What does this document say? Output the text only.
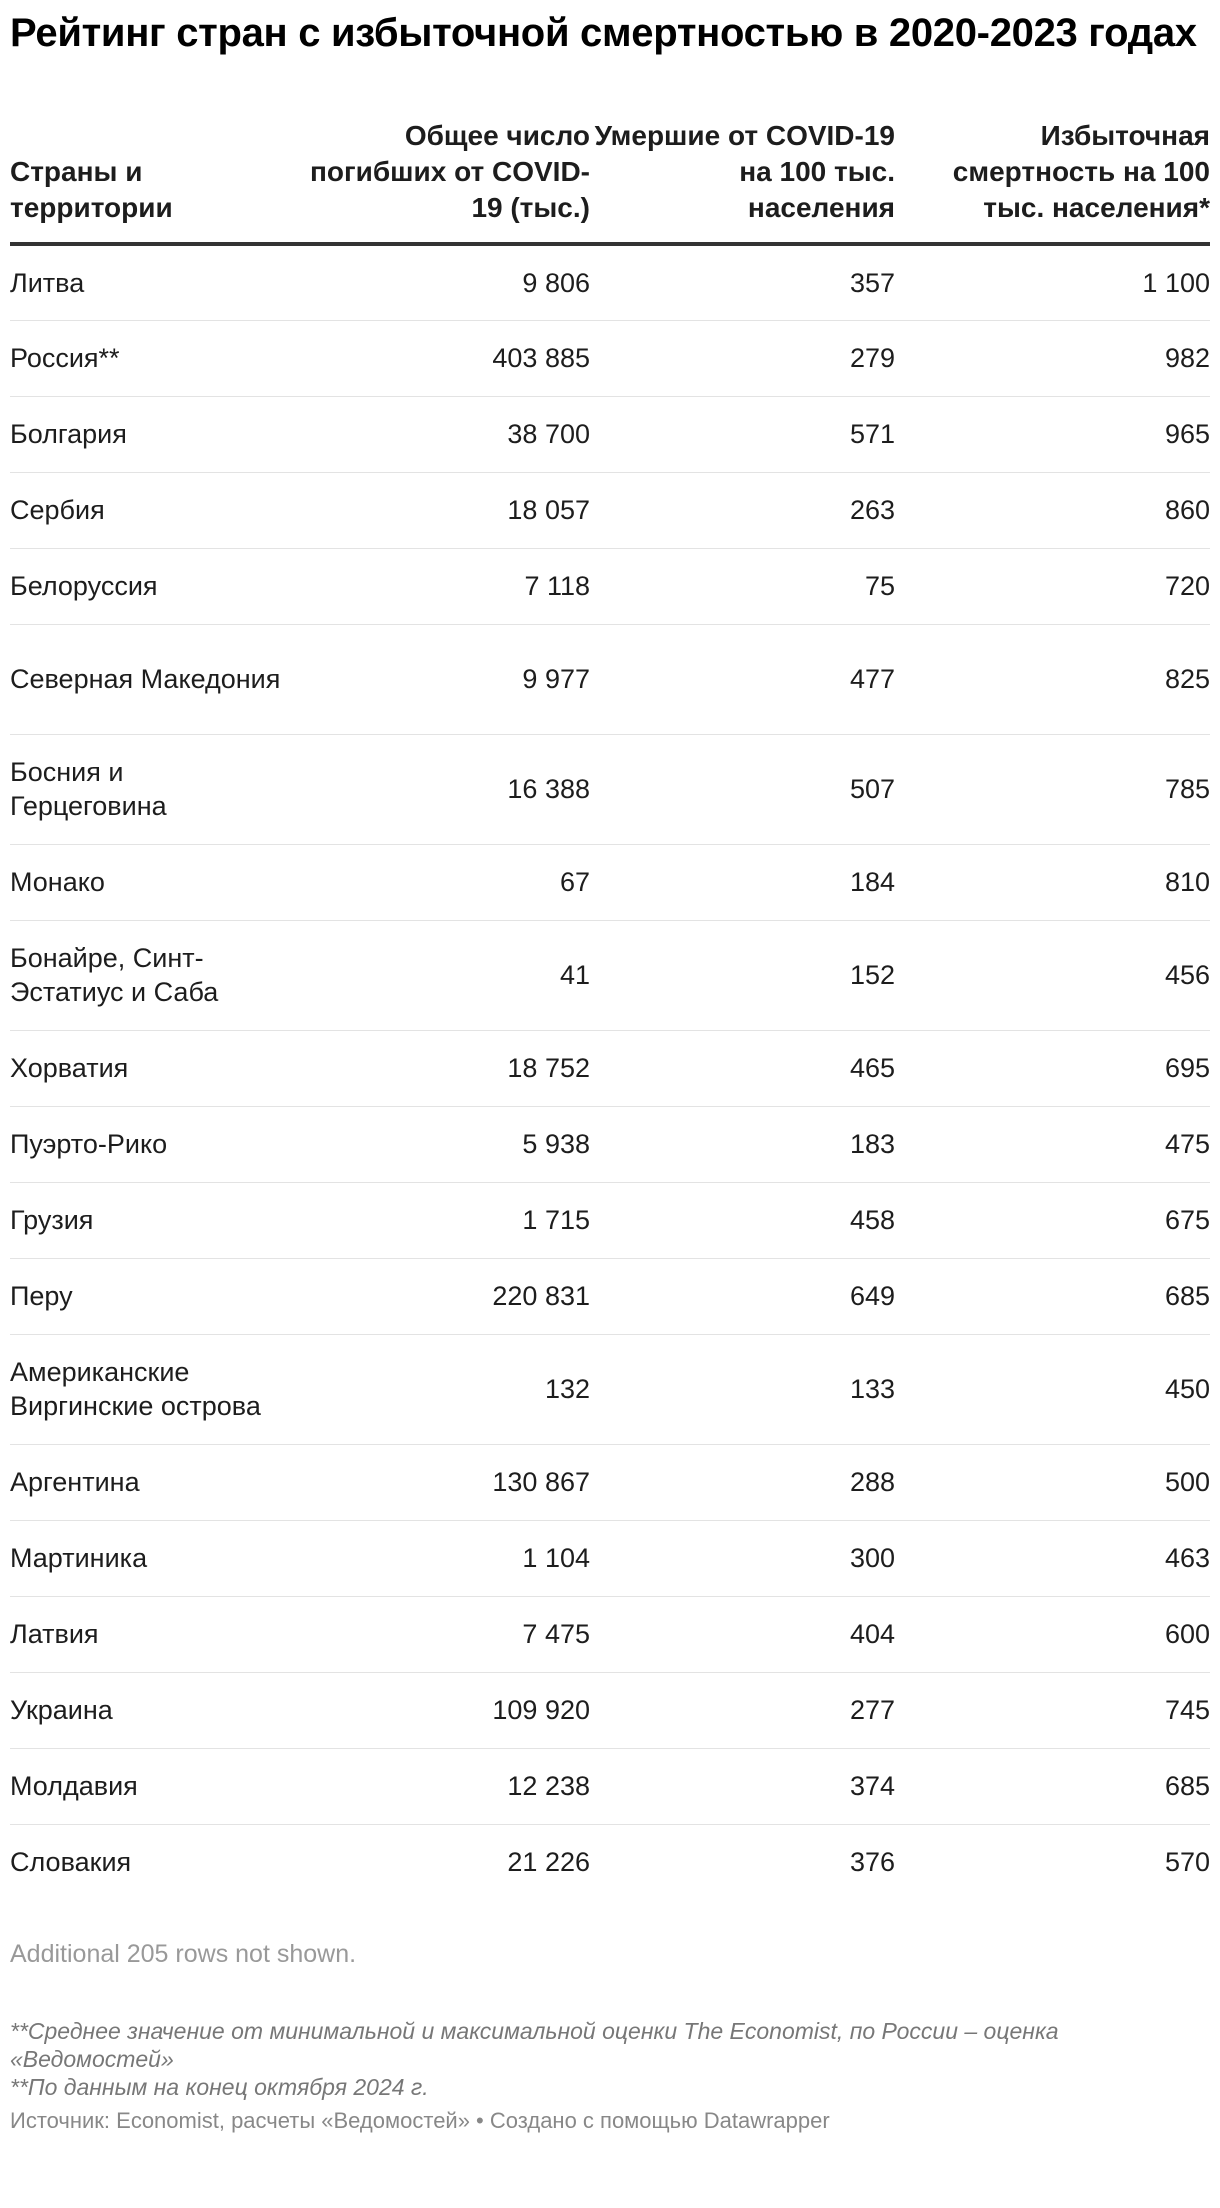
Рейтинг стран с избыточной смертностью в 2020-2023 годах
Страны и территории	Общее число погибших от COVID-19 (тыс.)	Умершие от COVID-19 на 100 тыс. населения	Избыточная смертность на 100 тыс. населения*
Литва	9 806	357	1 100
Россия**	403 885	279	982
Болгария	38 700	571	965
Сербия	18 057	263	860
Белоруссия	7 118	75	720
Северная Македония	9 977	477	825
Босния и Герцеговина	16 388	507	785
Монако	67	184	810
Бонайре, Синт-Эстатиус и Саба	41	152	456
Хорватия	18 752	465	695
Пуэрто-Рико	5 938	183	475
Грузия	1 715	458	675
Перу	220 831	649	685
Американские Виргинские острова	132	133	450
Аргентина	130 867	288	500
Мартиника	1 104	300	463
Латвия	7 475	404	600
Украина	109 920	277	745
Молдавия	12 238	374	685
Словакия	21 226	376	570
Additional 205 rows not shown.
**Среднее значение от минимальной и максимальной оценки The Economist, по России – оценка «Ведомостей»
**По данным на конец октября 2024 г.
Источник: Economist, расчеты «Ведомостей» • Создано с помощью Datawrapper
